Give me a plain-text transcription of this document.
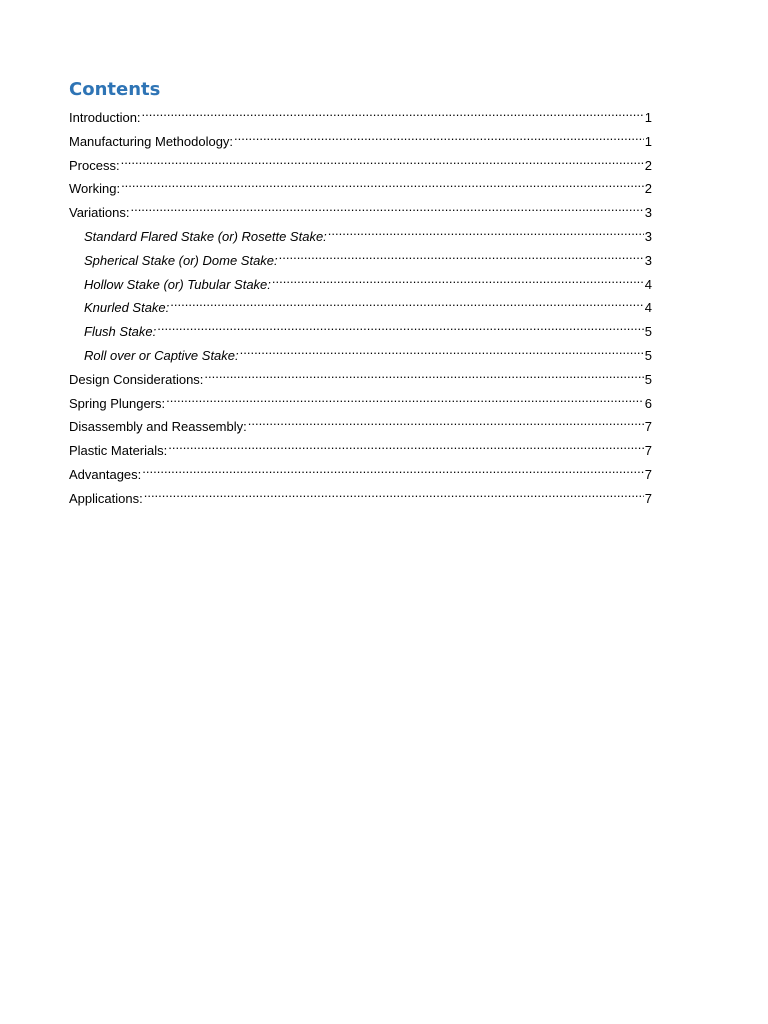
Contents
Introduction: .....	1
Manufacturing Methodology: .....	1
Process: .....	2
Working: .....	2
Variations: .....	3
Standard Flared Stake (or) Rosette Stake: .....	3
Spherical Stake (or) Dome Stake: .....	3
Hollow Stake (or) Tubular Stake: .....	4
Knurled Stake: .....	4
Flush Stake: .....	5
Roll over or Captive Stake: .....	5
Design Considerations: .....	5
Spring Plungers: .....	6
Disassembly and Reassembly: .....	7
Plastic Materials: .....	7
Advantages: .....	7
Applications: .....	7
